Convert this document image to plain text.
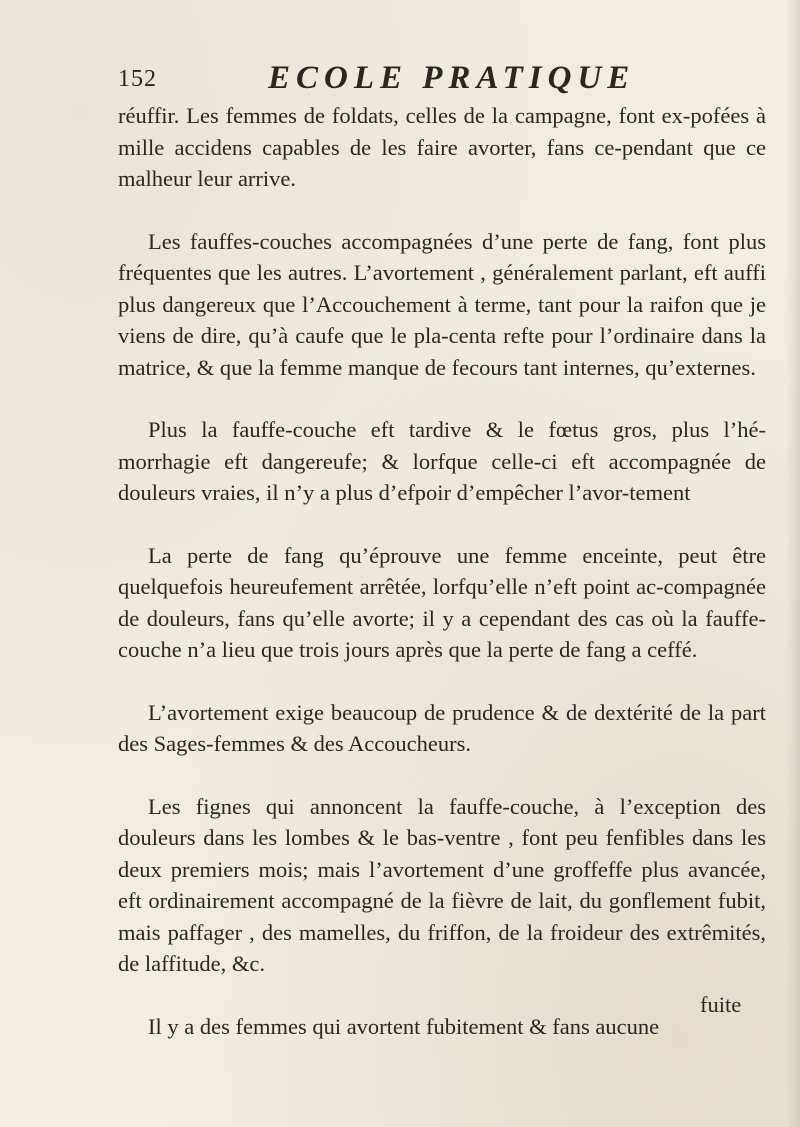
152	ECOLE PRATIQUE

réuffir. Les femmes de foldats, celles de la campagne, font ex-pofées à mille accidens capables de les faire avorter, fans ce-pendant que ce malheur leur arrive.

Les fauffes-couches accompagnées d’une perte de fang, font plus fréquentes que les autres. L’avortement , généralement parlant, eft auffi plus dangereux que l’Accouchement à terme, tant pour la raifon que je viens de dire, qu’à caufe que le pla-centa refte pour l’ordinaire dans la matrice, & que la femme manque de fecours tant internes, qu’externes.

Plus la fauffe-couche eft tardive & le fœtus gros, plus l’hé-morrhagie eft dangereufe; & lorfque celle-ci eft accompagnée de douleurs vraies, il n’y a plus d’efpoir d’empêcher l’avor-tement

La perte de fang qu’éprouve une femme enceinte, peut être quelquefois heureufement arrêtée, lorfqu’elle n’eft point ac-compagnée de douleurs, fans qu’elle avorte; il y a cependant des cas où la fauffe-couche n’a lieu que trois jours après que la perte de fang a ceffé.

L’avortement exige beaucoup de prudence & de dextérité de la part des Sages-femmes & des Accoucheurs.

Les fignes qui annoncent la fauffe-couche, à l’exception des douleurs dans les lombes & le bas-ventre , font peu fenfibles dans les deux premiers mois; mais l’avortement d’une groffeffe plus avancée, eft ordinairement accompagné de la fièvre de lait, du gonflement fubit, mais paffager , des mamelles, du friffon, de la froideur des extrêmités, de laffitude, &c.

Il y a des femmes qui avortent fubitement & fans aucune

fuite
